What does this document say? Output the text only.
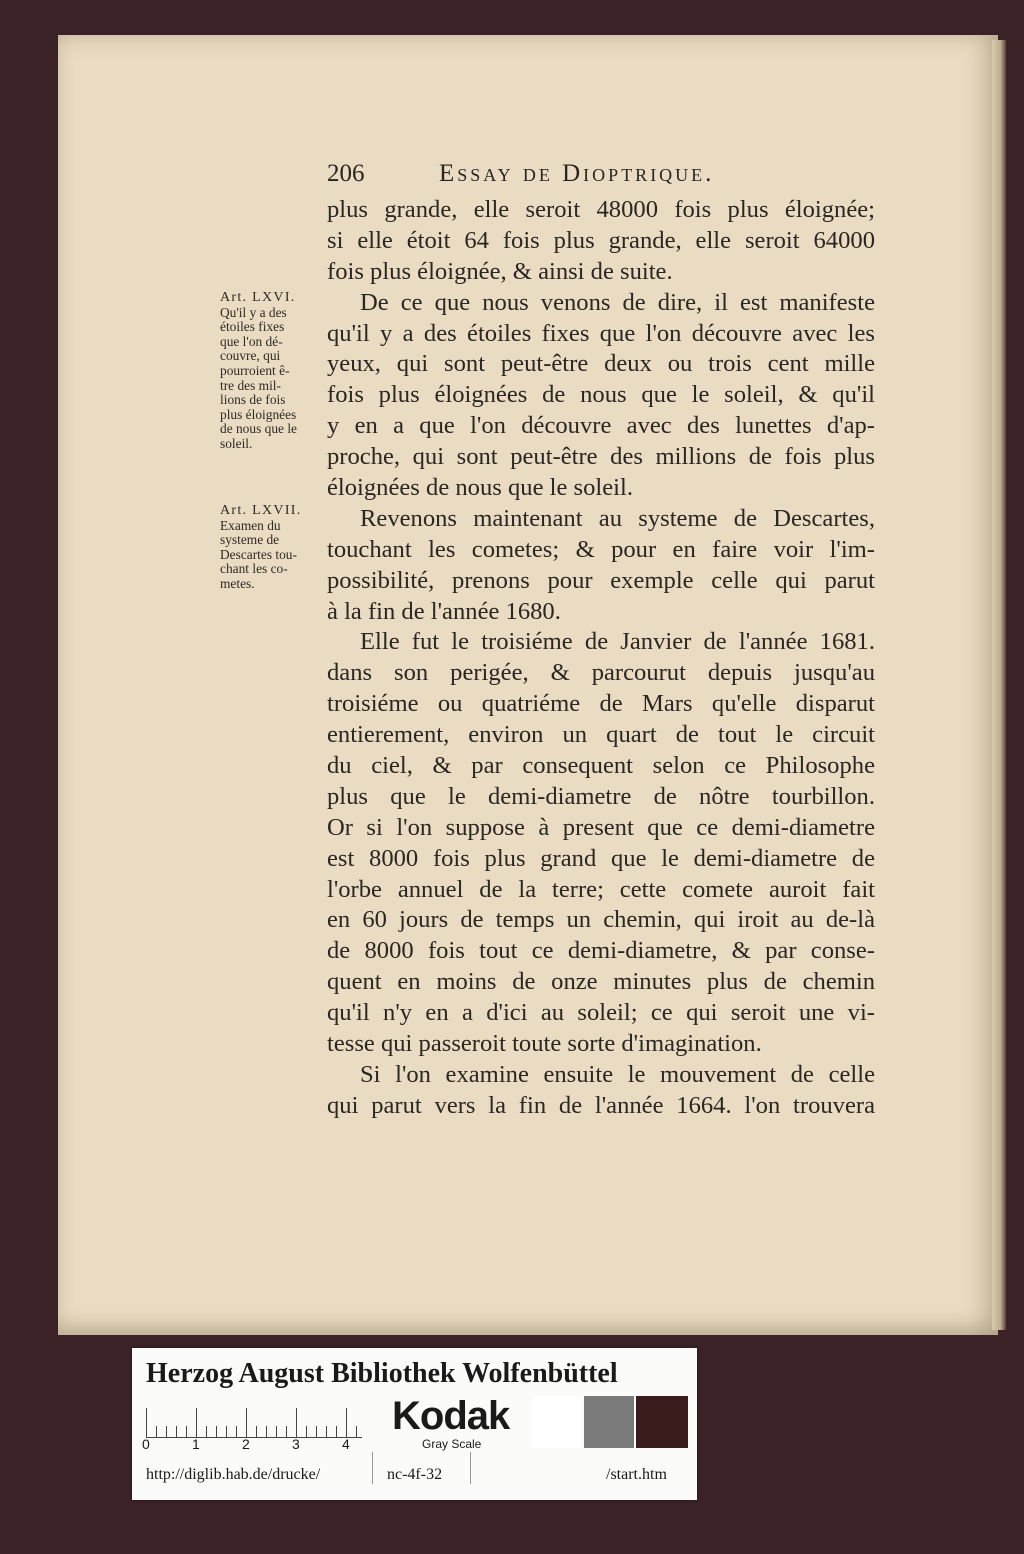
206	Essay de Dioptrique.
plus grande, elle seroit 48000 fois plus éloignée;
si elle étoit 64 fois plus grande, elle seroit 64000
fois plus éloignée, & ainsi de suite.
De ce que nous venons de dire, il est manifeste
qu'il y a des étoiles fixes que l'on découvre avec les
yeux, qui sont peut-être deux ou trois cent mille
fois plus éloignées de nous que le soleil, & qu'il
y en a que l'on découvre avec des lunettes d'ap-
proche, qui sont peut-être des millions de fois plus
éloignées de nous que le soleil.
Revenons maintenant au systeme de Descartes,
touchant les cometes; & pour en faire voir l'im-
possibilité, prenons pour exemple celle qui parut
à la fin de l'année 1680.
Elle fut le troisiéme de Janvier de l'année 1681.
dans son perigée, & parcourut depuis jusqu'au
troisiéme ou quatriéme de Mars qu'elle disparut
entierement, environ un quart de tout le circuit
du ciel, & par consequent selon ce Philosophe
plus que le demi-diametre de nôtre tourbillon.
Or si l'on suppose à present que ce demi-diametre
est 8000 fois plus grand que le demi-diametre de
l'orbe annuel de la terre; cette comete auroit fait
en 60 jours de temps un chemin, qui iroit au de-là
de 8000 fois tout ce demi-diametre, & par conse-
quent en moins de onze minutes plus de chemin
qu'il n'y en a d'ici au soleil; ce qui seroit une vi-
tesse qui passeroit toute sorte d'imagination.
Si l'on examine ensuite le mouvement de celle
qui parut vers la fin de l'année 1664. l'on trouvera
Art. LXVI.
Qu'il y a des
étoiles fixes
que l'on dé-
couvre, qui
pourroient ê-
tre des mil-
lions de fois
plus éloignées
de nous que le
soleil.
Art. LXVII.
Examen du
systeme de
Descartes tou-
chant les co-
metes.
Herzog August Bibliothek Wolfenbüttel
0	1	2	3	4
Kodak
Gray Scale
http://diglib.hab.de/drucke/	nc-4f-32	/start.htm
